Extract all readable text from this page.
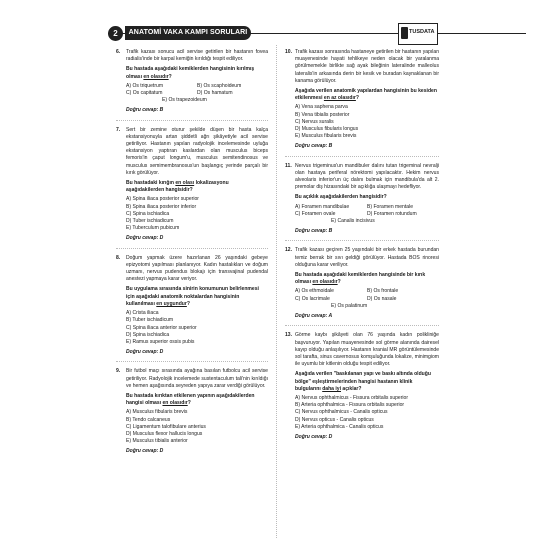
2	ANATOMİ VAKA KAMPI SORULARI	TUSDATA
6. Trafik kazası sonucu acil servise getirilen bir hastanın fovea radialis'inde bir karpal kemiğin kırıldığı tespit ediliyor.

Bu hastada aşağıdaki kemiklerden hangisinin kırılmış olması en olasıdır?

A) Os triquetrum	B) Os scaphoideum
C) Os capitatum	D) Os hamatum
E) Os trapezoideum

Doğru cevap: B

7. Sert bir zemine oturur şekilde düşen bir hasta kalça ekstansiyonuyla artan şiddetli ağrı şikâyetiyle acil servise getiriliyor. Hastanın yapılan radyolojik incelemesinde uyluğa ekstansiyon yaptıran kaslardan olan musculus biceps femoris'in çaput longum'u, musculus semitendinosus ve musculus semimembranosus'un başlangıç yerinde parçalı bir kırık görülüyor.

Bu hastadaki kırığın en olası lokalizasyonu aşağıdakilerden hangisidir?

A) Spina iliaca posterior superior
B) Spina iliaca posterior inferior
C) Spina ischiadica
D) Tuber ischiadicum
E) Tuberculum pubicum

Doğru cevap: D

8. Doğum yapmak üzere hazırlanan 26 yaşındaki gebeye epizyotomi yapılması planlanıyor. Kadın hastalıkları ve doğum uzmanı, nervus pudendus blokajı için transvajinal pudendal anestezi yapmaya karar veriyor.

Bu uygulama sırasında sinirin konumunun belirlenmesi için aşağıdaki anatomik noktalardan hangisinin kullanılması en uygundur?

A) Crista iliaca
B) Tuber ischiadicum
C) Spina iliaca anterior superior
D) Spina ischiadica
E) Ramus superior ossis pubis

Doğru cevap: D

9. Bir futbol maçı sırasında ayağına basılan futbolcu acil servise getiriliyor. Radyolojik incelemede sustentaculum tali'nin kırıldığı ve hemen aşağısında seyreden yapıya zarar verdiği görülüyor.

Bu hastada kırıktan etkilenen yapının aşağıdakilerden hangisi olması en olasıdır?

A) Musculus fibularis brevis
B) Tendo calcaneus
C) Ligamentum talofibulare anterius
D) Musculus flexor hallucis longus
E) Musculus tibialis anterior

Doğru cevap: D

10. Trafik kazası sonrasında hastaneye getirilen bir hastanın yapılan muayenesinde hayati tehlikeye neden olacak bir yaralanma görülmemekle birlikte sağ ayak bileğinin lateralinde malleolus lateralis'in arkasında derin bir kesik ve buradan kaynaklanan bir kanama görülüyor.

Aşağıda verilen anatomik yapılardan hangisinin bu kesiden etkilenmesi en az olasıdır?

A) Vena saphena parva
B) Vena tibialis posterior
C) Nervus suralis
D) Musculus fibularis longus
E) Musculus fibularis brevis

Doğru cevap: B

11. Nervus trigeminus'un mandibuler dalını tutan trigeminal nevralji olan hastaya periferal nörektomi yapılacaktır. Hekim nervus alveolaris inferior'un üç dalını bulmak için mandibula'da alt 2. premolar diş hizasındaki bir açıklığa ulaşmayı hedefliyor.

Bu açıklık aşağıdakilerden hangisidir?

A) Foramen mandibulae	B) Foramen mentale
C) Foramen ovale	D) Foramen rotundum
E) Canalis incisivus

Doğru cevap: B

12. Trafik kazası geçiren 25 yaşındaki bir erkek hastada burundan temiz berrak bir sıvı geldiği görülüyor. Hastada BOS rinoresi olduğuna karar veriliyor.

Bu hastada aşağıdaki kemiklerden hangisinde bir kırık olması en olasıdır?

A) Os ethmoidale	B) Os frontale
C) Os lacrimale	D) Os nasale
E) Os palatinum

Doğru cevap: A

13. Görme kaybı şikâyeti olan 76 yaşında kadın polikliniğe başvuruyor. Yapılan muayenesinde sol görme alanında dairesel kayıp olduğu anlaşılıyor. Hastanın kranial MR görüntülemesinde sol tarafta, sinus cavernosus komşuluğunda lokalize, minimgiom ile uyumlu bir kitlenin olduğu tespit ediliyor.

Aşağıda verilen "baskılanan yapı ve baskı altında olduğu bölge" eşleştirmelerinden hangisi hastanın klinik bulgularını daha iyi açıklar?

A) Nervus ophthalmicus - Fissura orbitalis superior
B) Arteria ophthalmica - Fissura orbitalis superior
C) Nervus ophthalmicus - Canalis opticus
D) Nervus opticus - Canalis opticus
E) Arteria ophthalmica - Canalis opticus

Doğru cevap: D
